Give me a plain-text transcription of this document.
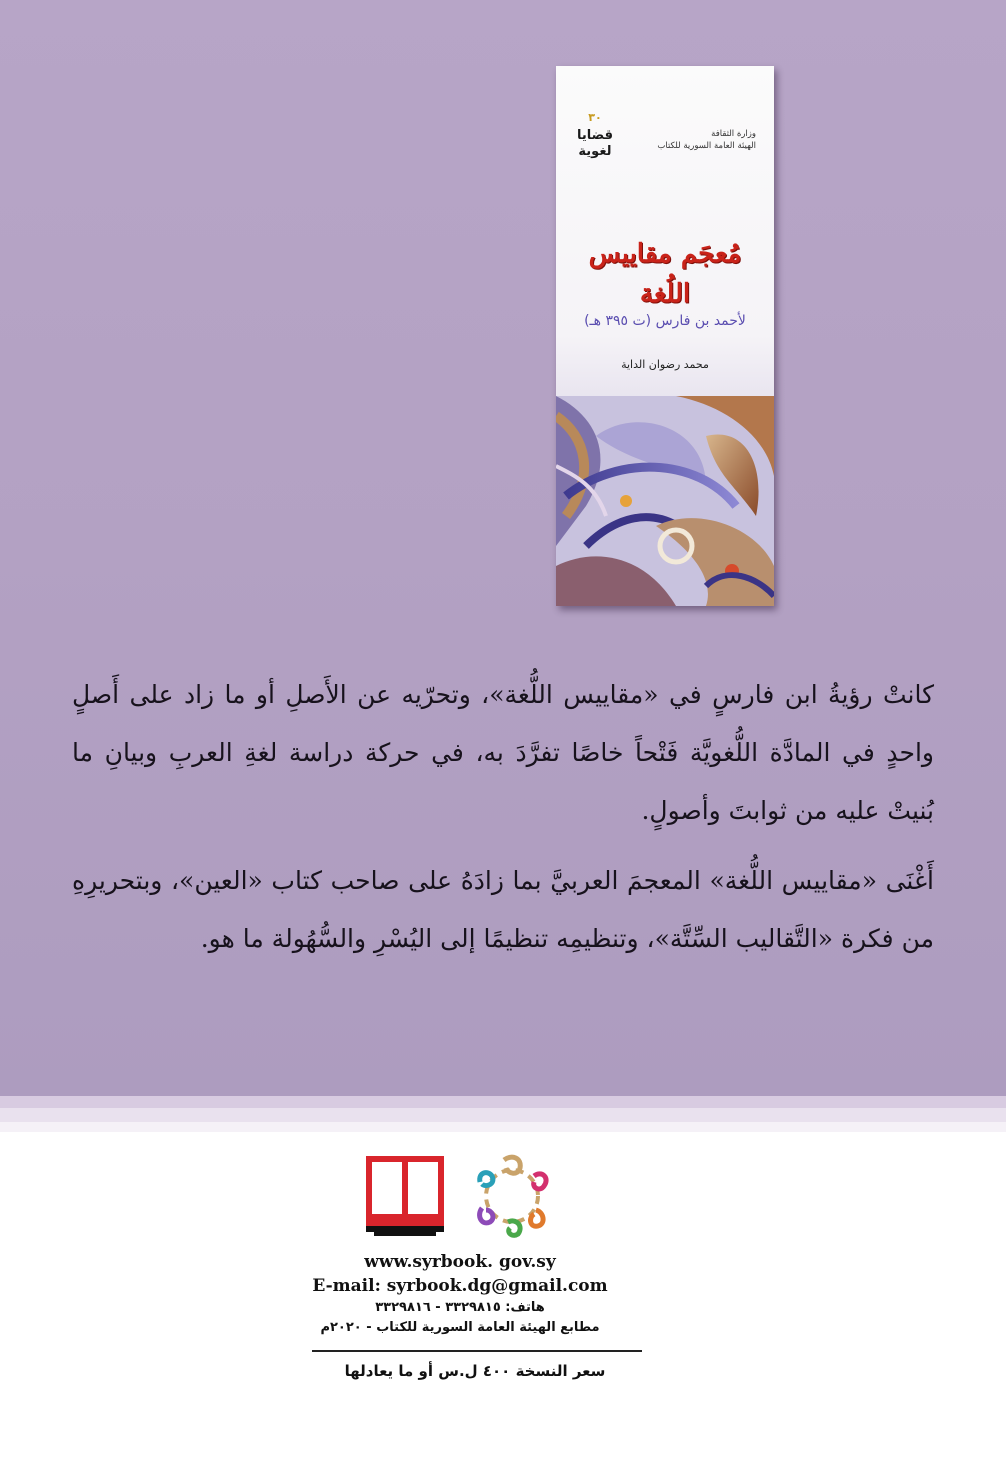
٣٠
قضايا
لغوية
وزارة الثقافة
الهيئة العامة السورية للكتاب
مُعجَم مقاييس اللُغة
لأحمد بن فارس (ت ٣٩٥ هـ)
محمد رضوان الداية

كانتْ رؤيةُ ابن فارسٍ في «مقاييس اللُّغة»، وتحرّيه عن الأَصلِ أو ما زاد على أَصلٍ واحدٍ في المادَّة اللُّغويَّة فَتْحاً خاصًا تفرَّدَ به، في حركة دراسة لغةِ العربِ وبيانِ ما بُنيتْ عليه من ثوابتَ وأصولٍ.

أَغْنَى «مقاييس اللُّغة» المعجمَ العربيَّ بما زادَهُ على صاحب كتاب «العين»، وبتحريرِهِ من فكرة «التَّقاليب السِّتَّة»، وتنظيمِه تنظيمًا إلى اليُسْرِ والسُّهُولة ما هو.

www.syrbook. gov.sy
E-mail: syrbook.dg@gmail.com
هاتف: ٣٣٢٩٨١٥ - ٣٣٢٩٨١٦
مطابع الهيئة العامة السورية للكتاب - ٢٠٢٠م
سعر النسخة ٤٠٠ ل.س أو ما يعادلها
